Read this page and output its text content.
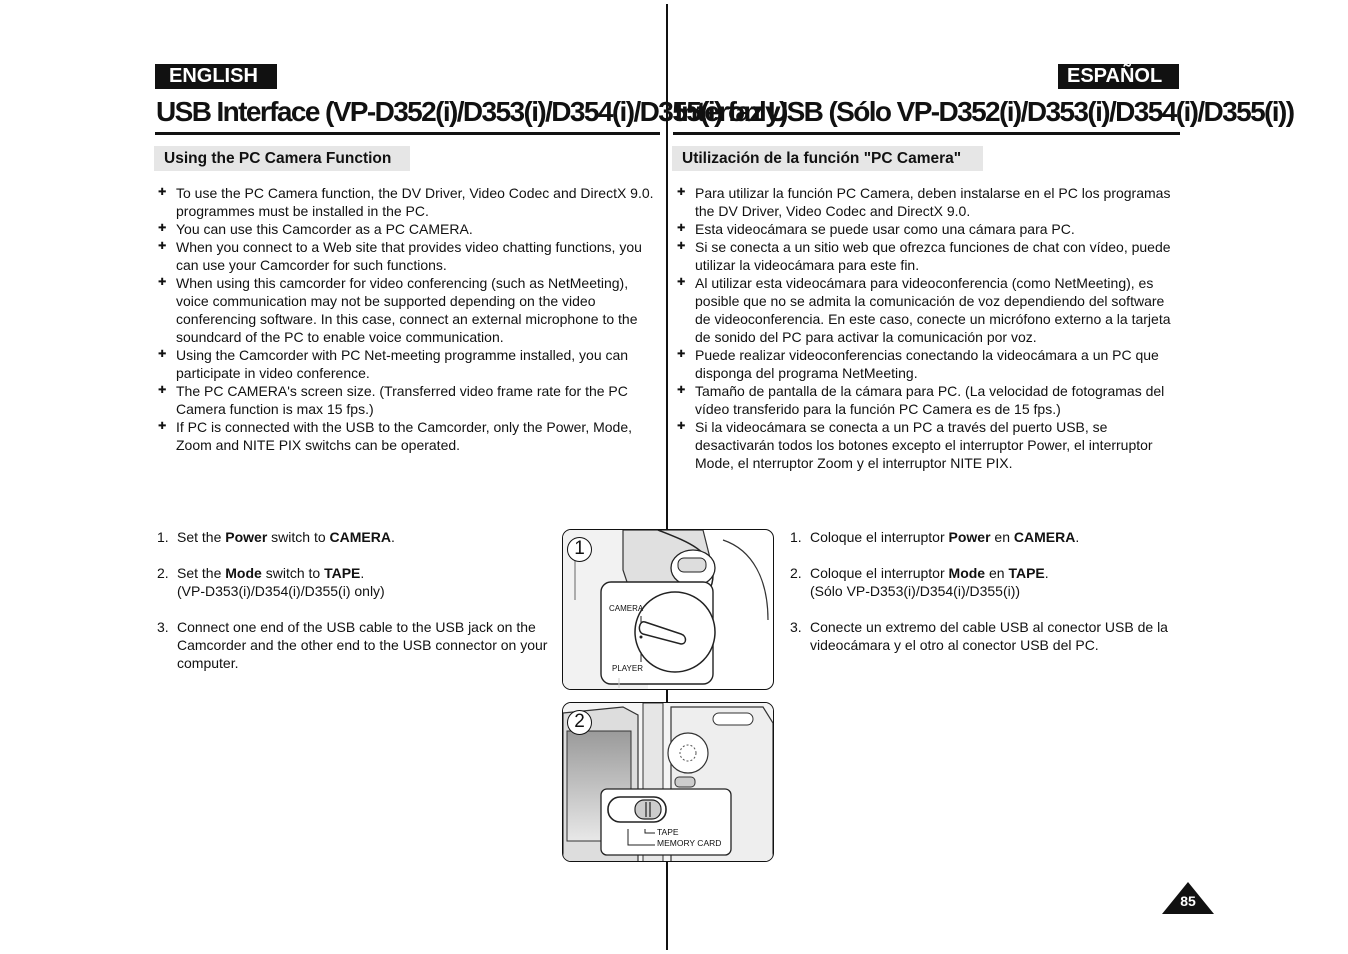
ENGLISH
USB Interface (VP-D352(i)/D353(i)/D354(i)/D355(i) only)
Using the PC Camera Function
✚ To use the PC Camera function, the DV Driver, Video Codec and DirectX 9.0. programmes must be installed in the PC.
✚ You can use this Camcorder as a PC CAMERA.
✚ When you connect to a Web site that provides video chatting functions, you can use your Camcorder for such functions.
✚ When using this camcorder for video conferencing (such as NetMeeting), voice communication may not be supported depending on the video conferencing software. In this case, connect an external microphone to the soundcard of the PC to enable voice communication.
✚ Using the Camcorder with PC Net-meeting programme installed, you can participate in video conference.
✚ The PC CAMERA's screen size. (Transferred video frame rate for the PC Camera function is max 15 fps.)
✚ If PC is connected with the USB to the Camcorder, only the Power, Mode, Zoom and NITE PIX switchs can be operated.
1. Set the Power switch to CAMERA.
2. Set the Mode switch to TAPE.
(VP-D353(i)/D354(i)/D355(i) only)
3. Connect one end of the USB cable to the USB jack on the Camcorder and the other end to the USB connector on your computer.
ESPAÑOL
Interfaz USB (Sólo VP-D352(i)/D353(i)/D354(i)/D355(i))
Utilización de la función "PC Camera"
✚ Para utilizar la función PC Camera, deben instalarse en el PC los programas the DV Driver, Video Codec and DirectX 9.0.
✚ Esta videocámara se puede usar como una cámara para PC.
✚ Si se conecta a un sitio web que ofrezca funciones de chat con vídeo, puede utilizar la videocámara para este fin.
✚ Al utilizar esta videocámara para videoconferencia (como NetMeeting), es posible que no se admita la comunicación de voz dependiendo del software de videoconferencia. En este caso, conecte un micrófono externo a la tarjeta de sonido del PC para activar la comunicación por voz.
✚ Puede realizar videoconferencias conectando la videocámara a un PC que disponga del programa NetMeeting.
✚ Tamaño de pantalla de la cámara para PC. (La velocidad de fotogramas del vídeo transferido para la función PC Camera es de 15 fps.)
✚ Si la videocámara se conecta a un PC a través del puerto USB, se desactivarán todos los botones excepto el interruptor Power, el interruptor Mode, el nterruptor Zoom y el interruptor NITE PIX.
1. Coloque el interruptor Power en CAMERA.
2. Coloque el interruptor Mode en TAPE.
(Sólo VP-D353(i)/D354(i)/D355(i))
3. Conecte un extremo del cable USB al conector USB de la videocámara y el otro al conector USB del PC.
1
CAMERA
PLAYER
2
TAPE
MEMORY CARD
85
